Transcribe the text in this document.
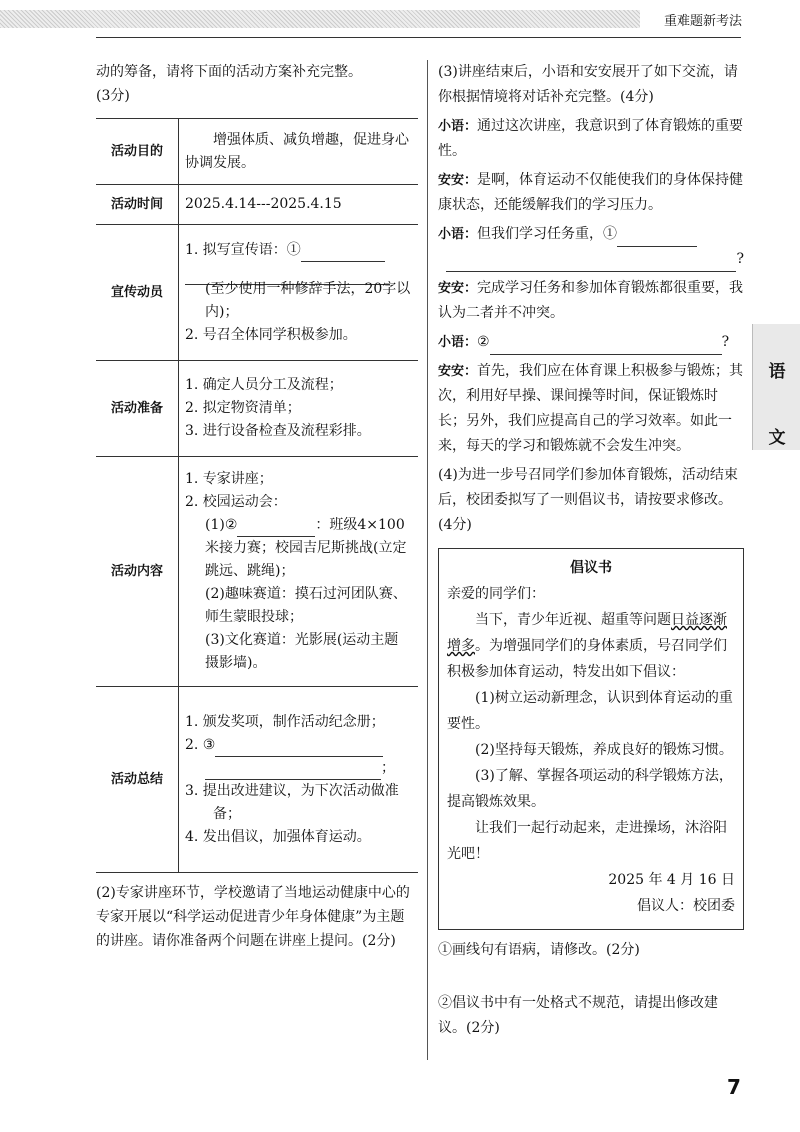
重难题新考法
语
文

动的筹备，请将下面的活动方案补充完整。

(3分)

活动目的	增强体质、减负增趣，促进身心协调发展。

活动时间	2025.4.14---2025.4.15
宣传动员	1. 拟写宣传语：①
(至少使用一种修辞手法，20字以内)；
2. 号召全体同学积极参加。

活动准备	1. 确定人员分工及流程；
2. 拟定物资清单；
3. 进行设备检查及流程彩排。

活动内容	1. 专家讲座；
2. 校园运动会：
(1)② ：班级4×100 米接力赛；校园吉尼斯挑战(立定跳远、跳绳)；
(2)趣味赛道：摸石过河团队赛、师生蒙眼投球；
(3)文化赛道：光影展(运动主题摄影墙)。

活动总结	1. 颁发奖项，制作活动纪念册；
2. ③
；
3. 提出改进建议，为下次活动做准备；
4. 发出倡议，加强体育运动。

(2)专家讲座环节，学校邀请了当地运动健康中心的专家开展以“科学运动促进青少年身体健康”为主题的讲座。请你准备两个问题在讲座上提问。(2分)

(3)讲座结束后，小语和安安展开了如下交流，请你根据情境将对话补充完整。(4分)

小语：通过这次讲座，我意识到了体育锻炼的重要性。

安安：是啊，体育运动不仅能使我们的身体保持健康状态，还能缓解我们的学习压力。

小语：但我们学习任务重，①

?

安安：完成学习任务和参加体育锻炼都很重要，我认为二者并不冲突。

小语：②	?

安安：首先，我们应在体育课上积极参与锻炼；其次，利用好早操、课间操等时间，保证锻炼时长；另外，我们应提高自己的学习效率。如此一来，每天的学习和锻炼就不会发生冲突。

(4)为进一步号召同学们参加体育锻炼，活动结束后，校团委拟写了一则倡议书，请按要求修改。(4分)

倡议书
亲爱的同学们：
当下，青少年近视、超重等问题日益逐渐增多。为增强同学们的身体素质，号召同学们积极参加体育运动，特发出如下倡议：
(1)树立运动新理念，认识到体育运动的重要性。
(2)坚持每天锻炼，养成良好的锻炼习惯。
(3)了解、掌握各项运动的科学锻炼方法，提高锻炼效果。
让我们一起行动起来，走进操场，沐浴阳光吧！
2025 年 4 月 16 日
倡议人：校团委

①画线句有语病，请修改。(2分)

②倡议书中有一处格式不规范，请提出修改建议。(2分)

7
